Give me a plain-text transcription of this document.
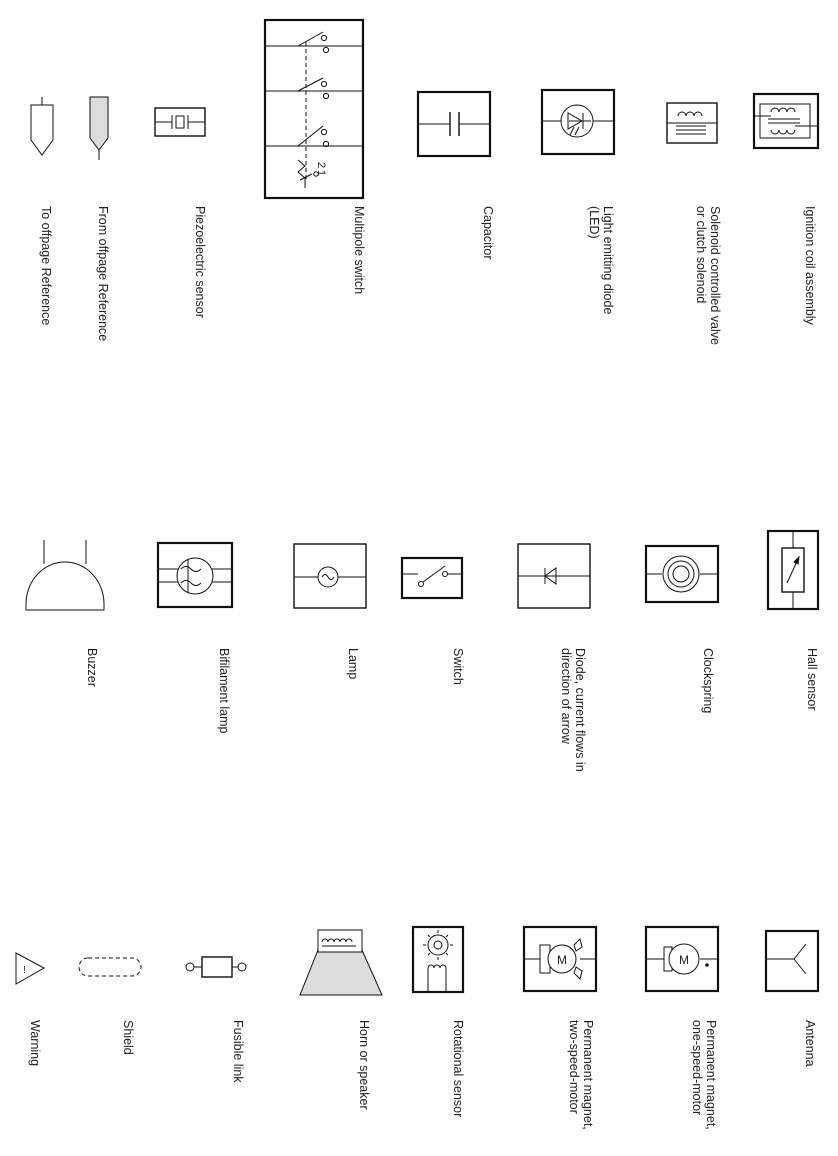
!
M	M
To offpage Reference	From offpage Reference	Piezoelectric sensor	Multipole switch
2
1
Capacitor	Light emitting diode
(LED)	Solenoid controlled valve
or clutch solenoid	Ignition coil assembly
Buzzer	Bifilament lamp	Lamp	Switch	Diode, current flows in
direction of arrow	Clockspring	Hall sensor
Warning	Shield	Fusible link	Horn or speaker	Rotational sensor	Permanent magnet,
two-speed-motor	Permanent magnet,
one-speed-motor	Antenna
